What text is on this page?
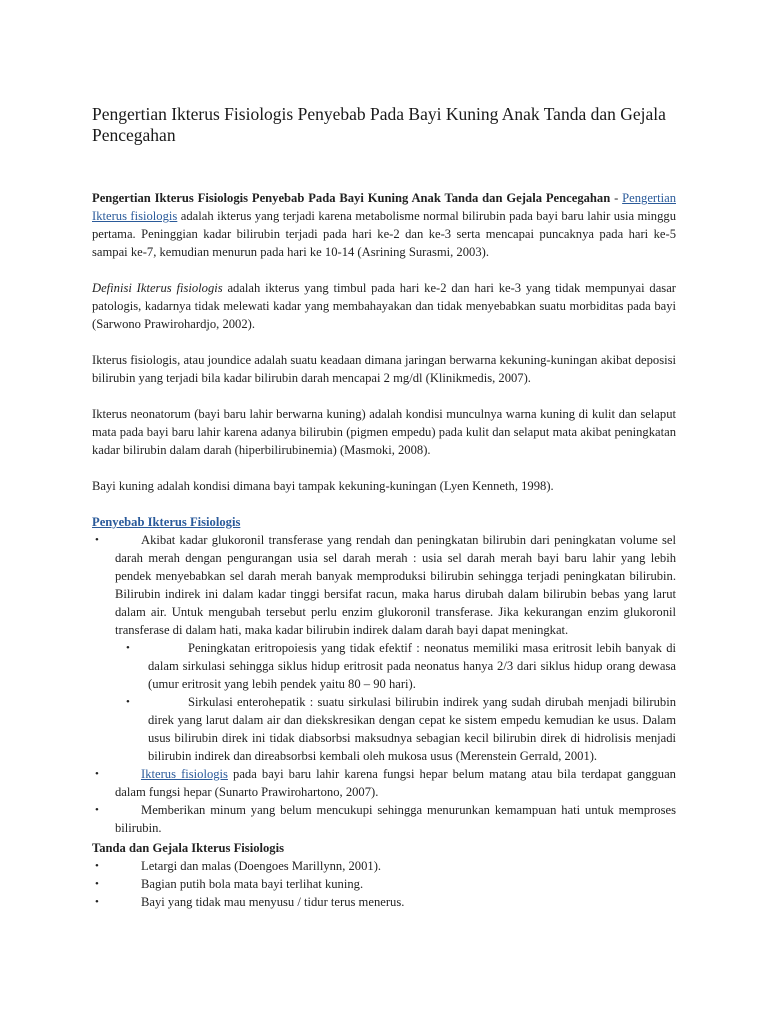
Pengertian Ikterus Fisiologis Penyebab Pada Bayi Kuning Anak Tanda dan Gejala Pencegahan

Pengertian Ikterus Fisiologis Penyebab Pada Bayi Kuning Anak Tanda dan Gejala Pencegahan - Pengertian Ikterus fisiologis adalah ikterus yang terjadi karena metabolisme normal bilirubin pada bayi baru lahir usia minggu pertama. Peninggian kadar bilirubin terjadi pada hari ke-2 dan ke-3 serta mencapai puncaknya pada hari ke-5 sampai ke-7, kemudian menurun pada hari ke 10-14 (Asrining Surasmi, 2003).

Definisi Ikterus fisiologis adalah ikterus yang timbul pada hari ke-2 dan hari ke-3 yang tidak mempunyai dasar patologis, kadarnya tidak melewati kadar yang membahayakan dan tidak menyebabkan suatu morbiditas pada bayi (Sarwono Prawirohardjo, 2002).

Ikterus fisiologis, atau joundice adalah suatu keadaan dimana jaringan berwarna kekuning-kuningan akibat deposisi bilirubin yang terjadi bila kadar bilirubin darah mencapai 2 mg/dl (Klinikmedis, 2007).

Ikterus neonatorum (bayi baru lahir berwarna kuning) adalah kondisi munculnya warna kuning di kulit dan selaput mata pada bayi baru lahir karena adanya bilirubin (pigmen empedu) pada kulit dan selaput mata akibat peningkatan kadar bilirubin dalam darah (hiperbilirubinemia) (Masmoki, 2008).

Bayi kuning adalah kondisi dimana bayi tampak kekuning-kuningan (Lyen Kenneth, 1998).

Penyebab Ikterus Fisiologis
•	Akibat kadar glukoronil transferase yang rendah dan peningkatan bilirubin dari peningkatan volume sel darah merah dengan pengurangan usia sel darah merah : usia sel darah merah bayi baru lahir yang lebih pendek menyebabkan sel darah merah banyak memproduksi bilirubin sehingga terjadi peningkatan bilirubin. Bilirubin indirek ini dalam kadar tinggi bersifat racun, maka harus dirubah dalam bilirubin bebas yang larut dalam air. Untuk mengubah tersebut perlu enzim glukoronil transferase. Jika kekurangan enzim glukoronil transferase di dalam hati, maka kadar bilirubin indirek dalam darah bayi dapat meningkat.
•	Peningkatan eritropoiesis yang tidak efektif : neonatus memiliki masa eritrosit lebih banyak di dalam sirkulasi sehingga siklus hidup eritrosit pada neonatus hanya 2/3 dari siklus hidup orang dewasa (umur eritrosit yang lebih pendek yaitu 80 – 90 hari).
•	Sirkulasi enterohepatik : suatu sirkulasi bilirubin indirek yang sudah dirubah menjadi bilirubin direk yang larut dalam air dan diekskresikan dengan cepat ke sistem empedu kemudian ke usus. Dalam usus bilirubin direk ini tidak diabsorbsi maksudnya sebagian kecil bilirubin direk di hidrolisis menjadi bilirubin indirek dan direabsorbsi kembali oleh mukosa usus (Merenstein Gerrald, 2001).
•	Ikterus fisiologis pada bayi baru lahir karena fungsi hepar belum matang atau bila terdapat gangguan dalam fungsi hepar (Sunarto Prawirohartono, 2007).
•	Memberikan minum yang belum mencukupi sehingga menurunkan kemampuan hati untuk memproses bilirubin.
Tanda dan Gejala Ikterus Fisiologis
•	Letargi dan malas (Doengoes Marillynn, 2001).
•	Bagian putih bola mata bayi terlihat kuning.
•	Bayi yang tidak mau menyusu / tidur terus menerus.
